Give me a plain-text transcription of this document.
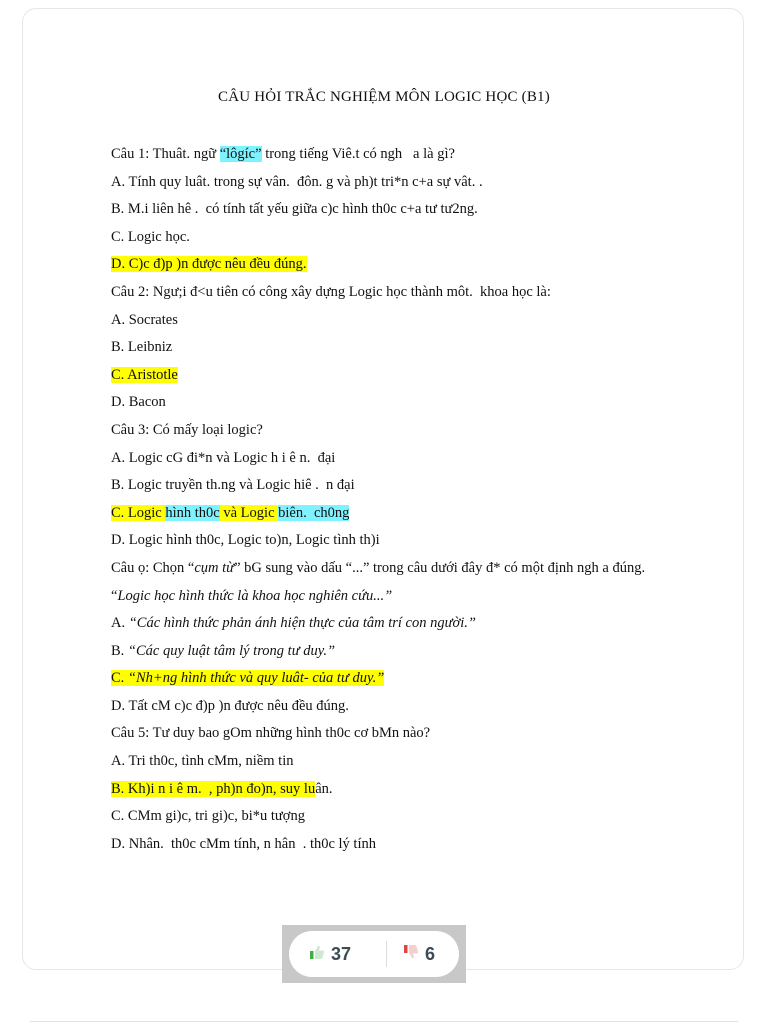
CÂU HỎI TRẮC NGHIỆM MÔN LOGIC HỌC (B1)
Câu 1: Thuât. ngữ “lôgíc” trong tiếng Viê.t có ngh   a là gì?
A. Tính quy luât. trong sự vân.  đôn. g và ph)t tri*n c+a sự vât. .
B. M.i liên hê .  có tính tất yếu giữa c)c hình th0c c+a tư tư2ng.
C. Logic học.
D. C)c đ)p )n được nêu đều đúng.
Câu 2: Ngư;i đ<u tiên có công xây dựng Logic học thành môt.  khoa học là:
A. Socrates
B. Leibniz
C. Aristotle
D. Bacon
Câu 3: Có mấy loại logic?
A. Logic cG đi*n và Logic h i ê n.  đại
B. Logic truyền th.ng và Logic hiê .  n đại
C. Logic hình th0c và Logic biên.  ch0ng
D. Logic hình th0c, Logic to)n, Logic tình th)i
Câu ọ: Chọn “cụm từ” bG sung vào dấu “...” trong câu dưới đây đ* có một định ngh a đúng.
“Logic học hình thức là khoa học nghiên cứu...”
A. “Các hình thức phản ánh hiện thực của tâm trí con người.”
B. “Các quy luật tâm lý trong tư duy.”
C. “Nh+ng hình thức và quy luât- của tư duy.”
D. Tất cM c)c đ)p )n được nêu đều đúng.
Câu 5: Tư duy bao gOm những hình th0c cơ bMn nào?
A. Tri th0c, tình cMm, niềm tin
B. Kh)i n i ê m.  , ph)n đo)n, suy luân.
C. CMm gi)c, tri gi)c, bi*u tượng
D. Nhân.  th0c cMm tính, n hân  . th0c lý tính
37	6
